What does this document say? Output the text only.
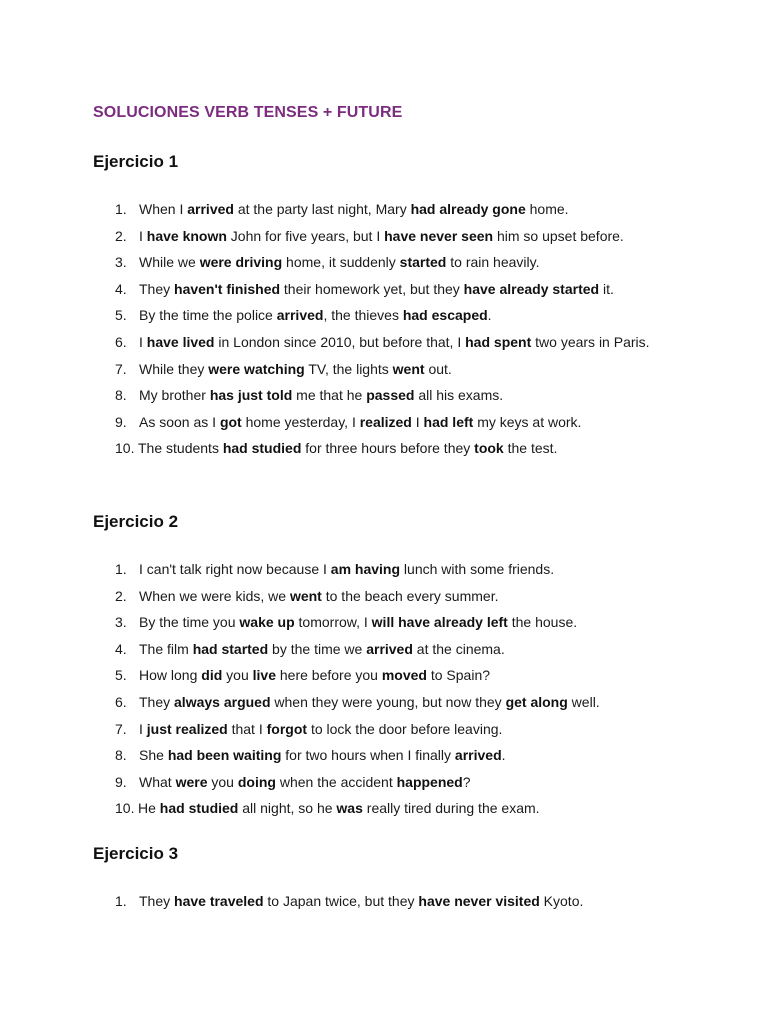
SOLUCIONES VERB TENSES + FUTURE
Ejercicio 1
1. When I arrived at the party last night, Mary had already gone home.
2. I have known John for five years, but I have never seen him so upset before.
3. While we were driving home, it suddenly started to rain heavily.
4. They haven't finished their homework yet, but they have already started it.
5. By the time the police arrived, the thieves had escaped.
6. I have lived in London since 2010, but before that, I had spent two years in Paris.
7. While they were watching TV, the lights went out.
8. My brother has just told me that he passed all his exams.
9. As soon as I got home yesterday, I realized I had left my keys at work.
10. The students had studied for three hours before they took the test.
Ejercicio 2
1. I can't talk right now because I am having lunch with some friends.
2. When we were kids, we went to the beach every summer.
3. By the time you wake up tomorrow, I will have already left the house.
4. The film had started by the time we arrived at the cinema.
5. How long did you live here before you moved to Spain?
6. They always argued when they were young, but now they get along well.
7. I just realized that I forgot to lock the door before leaving.
8. She had been waiting for two hours when I finally arrived.
9. What were you doing when the accident happened?
10. He had studied all night, so he was really tired during the exam.
Ejercicio 3
1. They have traveled to Japan twice, but they have never visited Kyoto.
